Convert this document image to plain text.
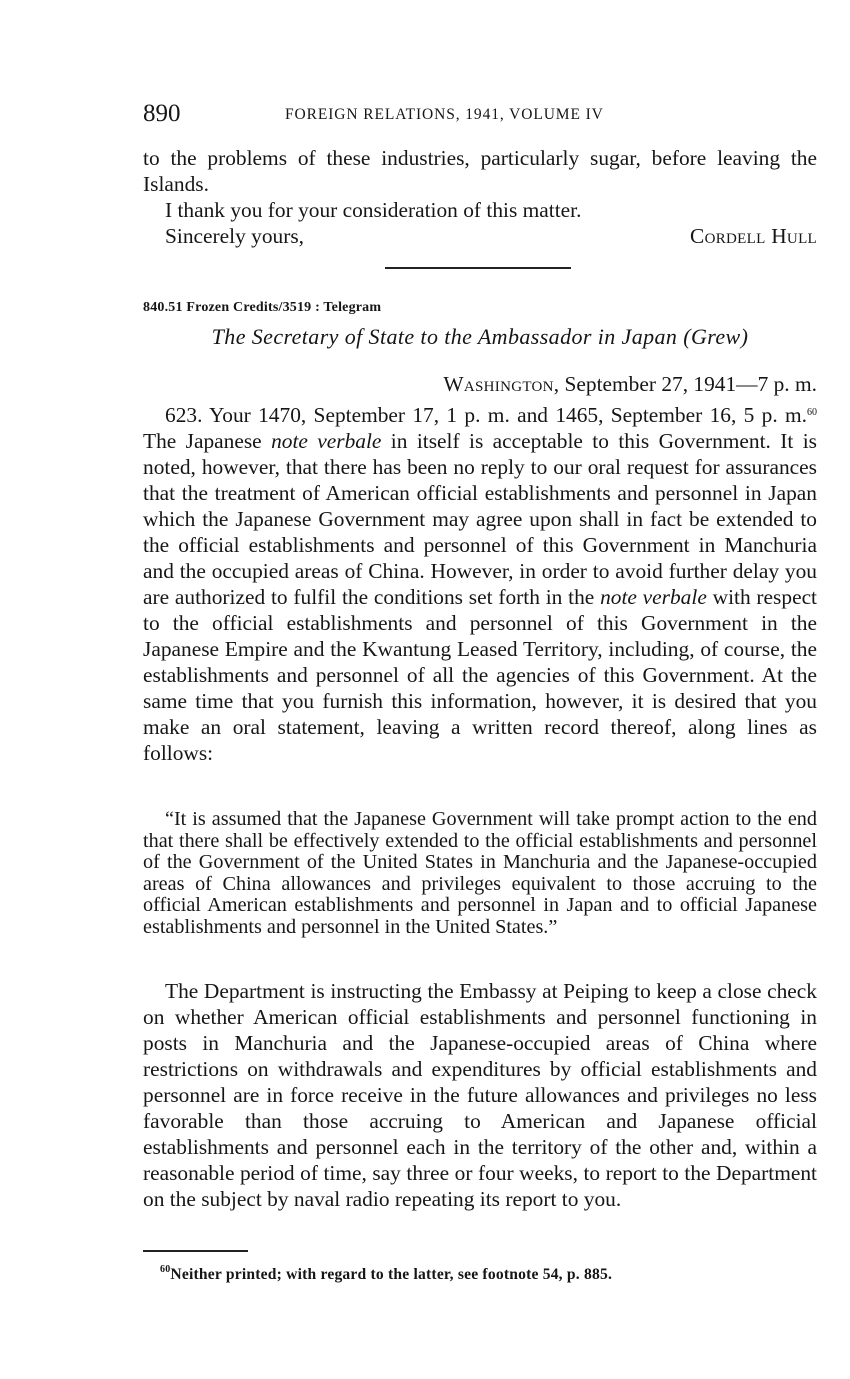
890	FOREIGN RELATIONS, 1941, VOLUME IV

to the problems of these industries, particularly sugar, before leaving the Islands.

I thank you for your consideration of this matter.
Sincerely yours,	Cordell Hull
840.51 Frozen Credits/3519 : Telegram
The Secretary of State to the Ambassador in Japan (Grew)
Washington, September 27, 1941—7 p. m.

623. Your 1470, September 17, 1 p. m. and 1465, September 16, 5 p. m.$^{60}$ The Japanese note verbale in itself is acceptable to this Government. It is noted, however, that there has been no reply to our oral request for assurances that the treatment of American official establishments and personnel in Japan which the Japanese Government may agree upon shall in fact be extended to the official establishments and personnel of this Government in Manchuria and the occupied areas of China. However, in order to avoid further delay you are authorized to fulfil the conditions set forth in the note verbale with respect to the official establishments and personnel of this Government in the Japanese Empire and the Kwantung Leased Territory, including, of course, the establishments and personnel of all the agencies of this Government. At the same time that you furnish this information, however, it is desired that you make an oral statement, leaving a written record thereof, along lines as follows:

“It is assumed that the Japanese Government will take prompt action to the end that there shall be effectively extended to the official establishments and personnel of the Government of the United States in Manchuria and the Japanese-occupied areas of China allowances and privileges equivalent to those accruing to the official American establishments and personnel in Japan and to official Japanese establishments and personnel in the United States.”

The Department is instructing the Embassy at Peiping to keep a close check on whether American official establishments and personnel functioning in posts in Manchuria and the Japanese-occupied areas of China where restrictions on withdrawals and expenditures by official establishments and personnel are in force receive in the future allowances and privileges no less favorable than those accruing to American and Japanese official establishments and personnel each in the territory of the other and, within a reasonable period of time, say three or four weeks, to report to the Department on the subject by naval radio repeating its report to you.

$^{60}$Neither printed; with regard to the latter, see footnote 54, p. 885.
